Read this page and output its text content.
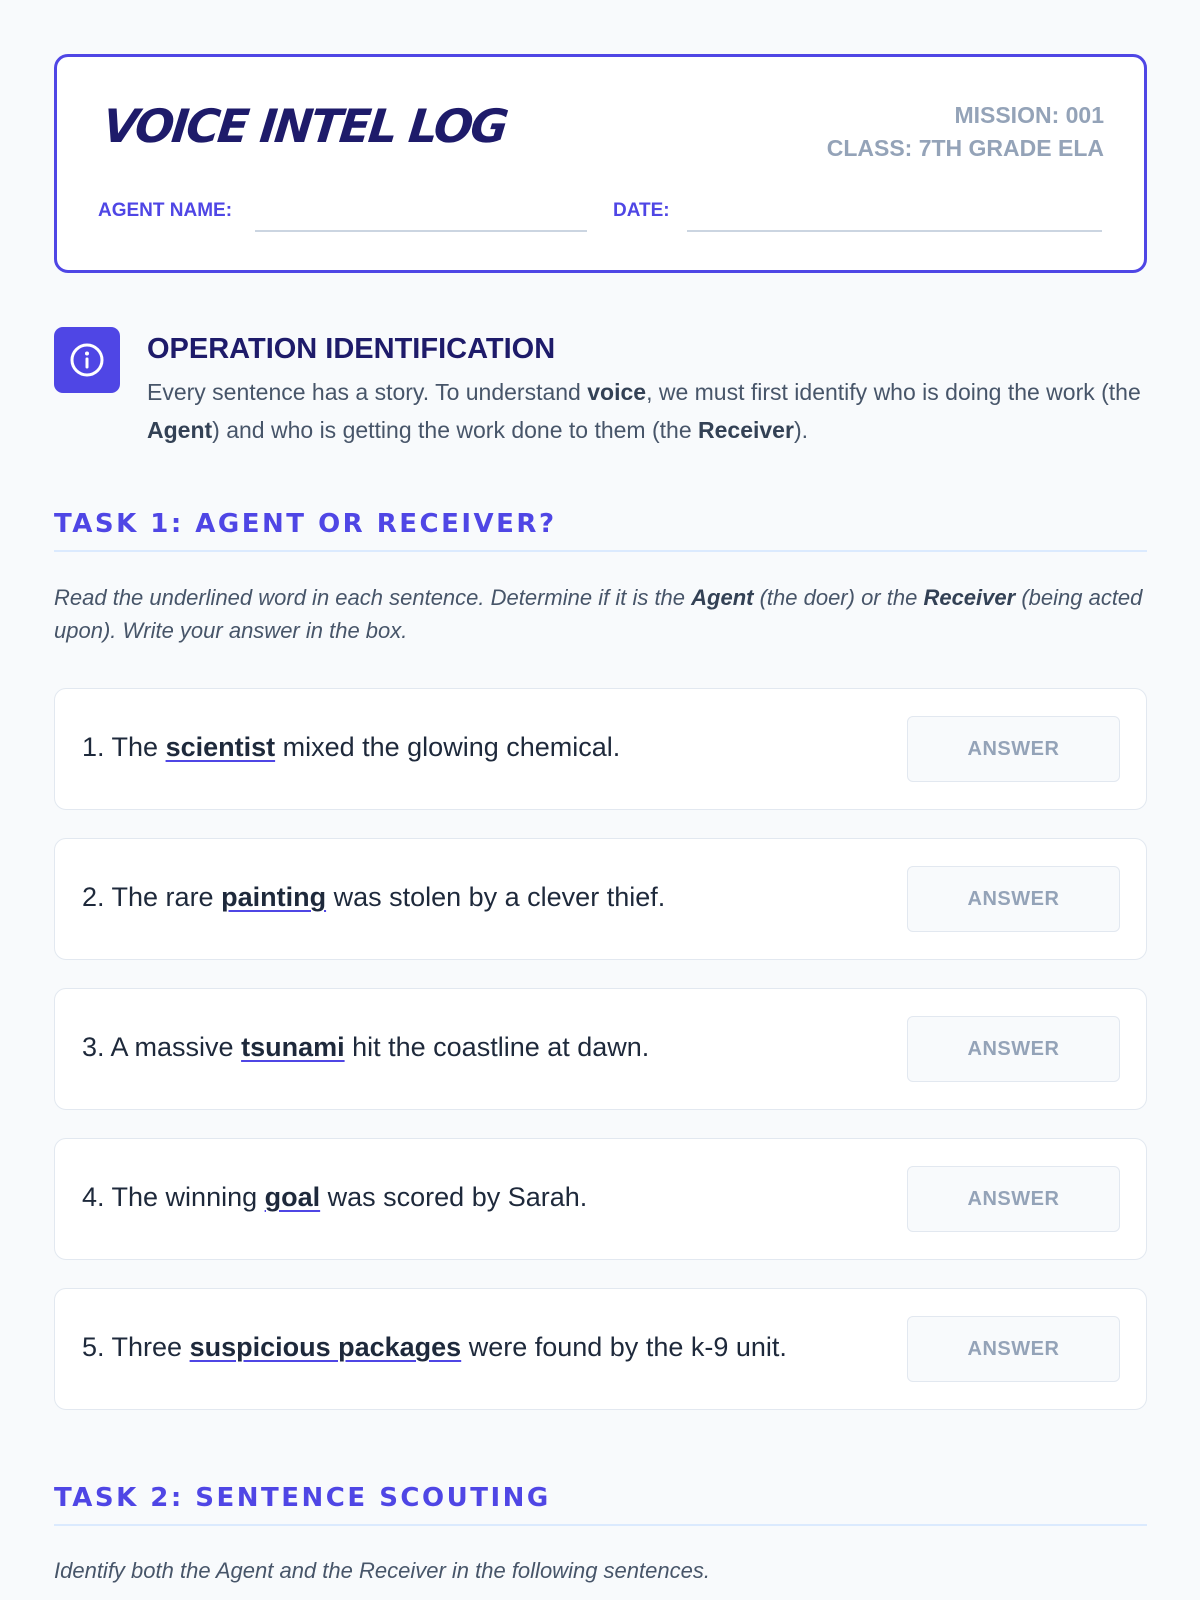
VOICE INTEL LOG	MISSION: 001
CLASS: 7TH GRADE ELA
AGENT NAME:	DATE:
OPERATION IDENTIFICATION
Every sentence has a story. To understand voice, we must first identify who is doing the work (the Agent) and who is getting the work done to them (the Receiver).
TASK 1: AGENT OR RECEIVER?
Read the underlined word in each sentence. Determine if it is the Agent (the doer) or the Receiver (being acted upon). Write your answer in the box.
1. The scientist mixed the glowing chemical.	ANSWER
2. The rare painting was stolen by a clever thief.	ANSWER
3. A massive tsunami hit the coastline at dawn.	ANSWER
4. The winning goal was scored by Sarah.	ANSWER
5. Three suspicious packages were found by the k-9 unit.	ANSWER
TASK 2: SENTENCE SCOUTING
Identify both the Agent and the Receiver in the following sentences.
